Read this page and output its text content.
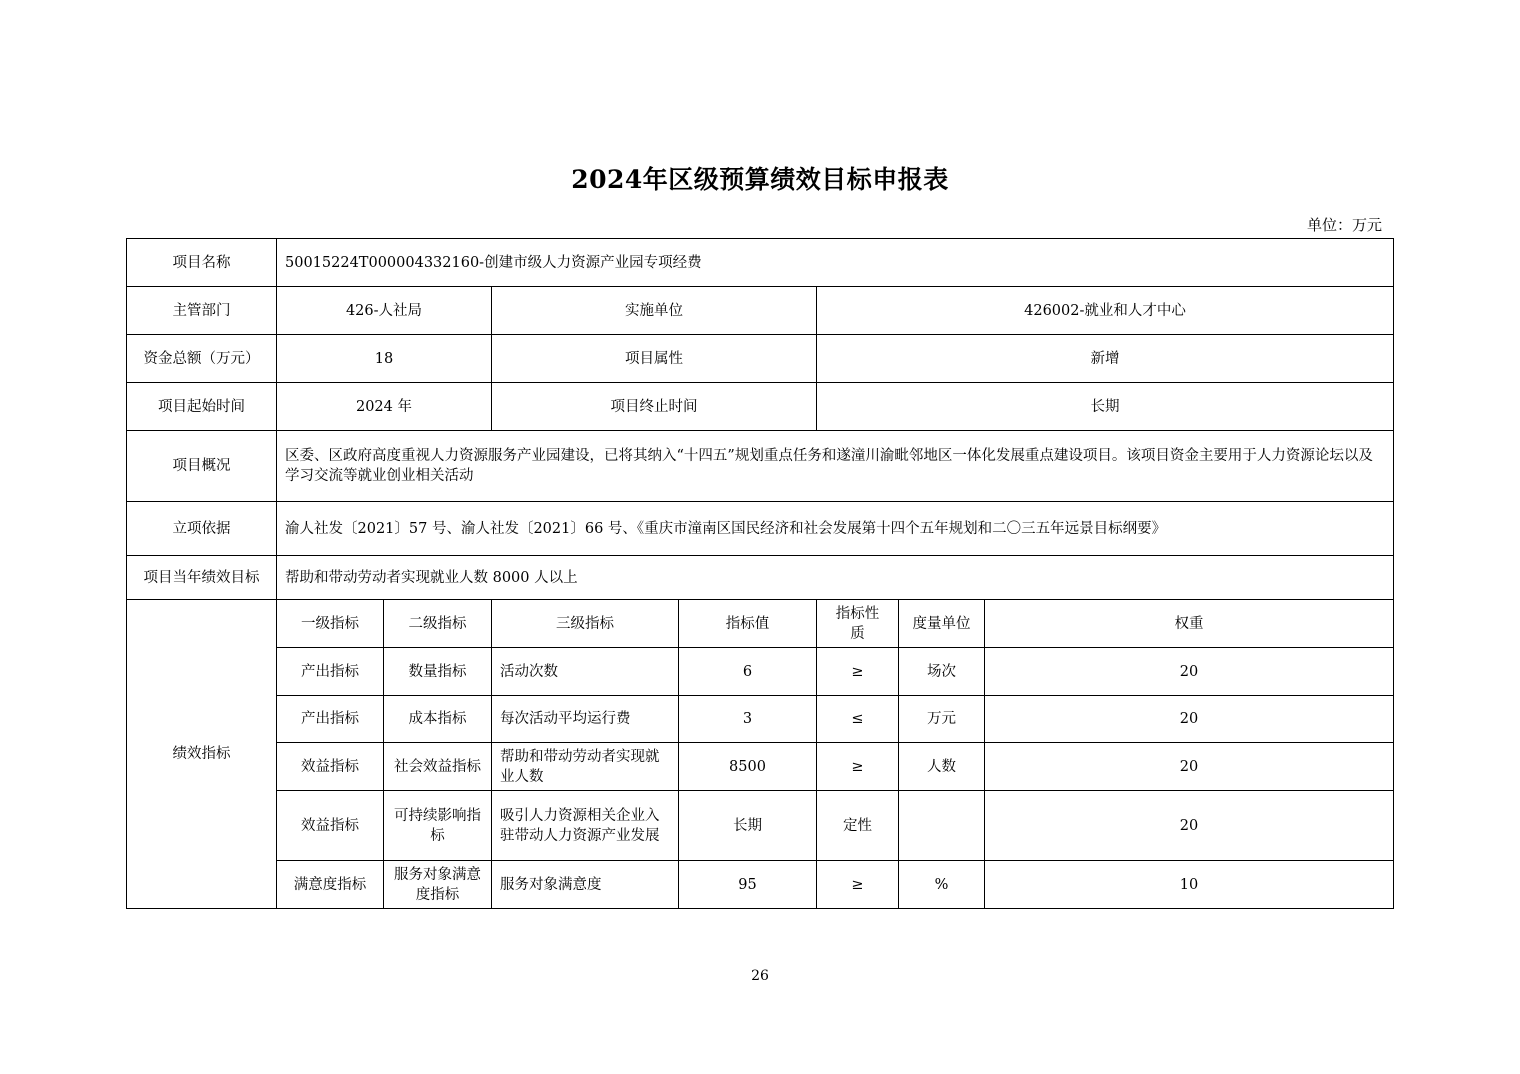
2024年区级预算绩效目标申报表
单位：万元
项目名称	50015224T000004332160-创建市级人力资源产业园专项经费						
主管部门	426-人社局		实施单位		426002-就业和人才中心		
资金总额（万元）	18		项目属性		新增		
项目起始时间	2024 年		项目终止时间		长期		
项目概况	区委、区政府高度重视人力资源服务产业园建设，已将其纳入“十四五”规划重点任务和遂潼川渝毗邻地区一体化发展重点建设项目。该项目资金主要用于人力资源论坛以及学习交流等就业创业相关活动						
立项依据	渝人社发〔2021〕57 号、渝人社发〔2021〕66 号、《重庆市潼南区国民经济和社会发展第十四个五年规划和二〇三五年远景目标纲要》						
项目当年绩效目标	帮助和带动劳动者实现就业人数 8000 人以上						
绩效指标	一级指标	二级指标	三级指标	指标值	指标性质	度量单位	权重
	产出指标	数量指标	活动次数	6	≥	场次	20
	产出指标	成本指标	每次活动平均运行费	3	≤	万元	20
	效益指标	社会效益指标	帮助和带动劳动者实现就业人数	8500	≥	人数	20
	效益指标	可持续影响指标	吸引人力资源相关企业入驻带动人力资源产业发展	长期	定性		20
	满意度指标	服务对象满意度指标	服务对象满意度	95	≥	%	10
26
